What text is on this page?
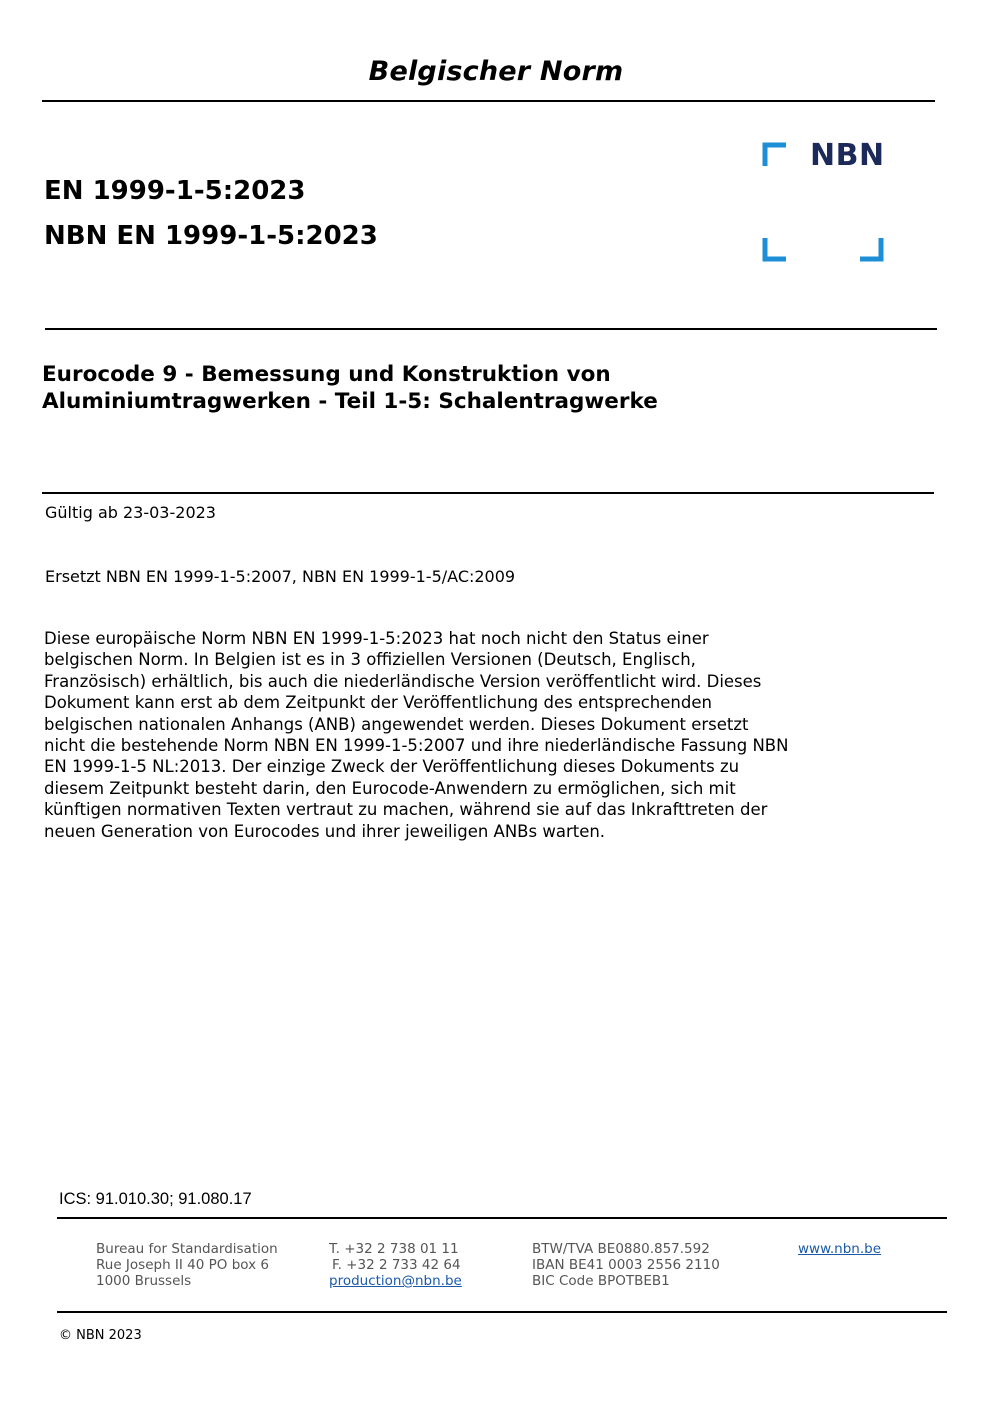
Belgischer Norm
EN 1999-1-5:2023
NBN EN 1999-1-5:2023
NBN
Eurocode 9 - Bemessung und Konstruktion von
Aluminiumtragwerken - Teil 1-5: Schalentragwerke
Gültig ab 23-03-2023
Ersetzt NBN EN 1999-1-5:2007, NBN EN 1999-1-5/AC:2009
Diese europäische Norm NBN EN 1999-1-5:2023 hat noch nicht den Status einer
belgischen Norm. In Belgien ist es in 3 offiziellen Versionen (Deutsch, Englisch,
Französisch) erhältlich, bis auch die niederländische Version veröffentlicht wird. Dieses
Dokument kann erst ab dem Zeitpunkt der Veröffentlichung des entsprechenden
belgischen nationalen Anhangs (ANB) angewendet werden. Dieses Dokument ersetzt
nicht die bestehende Norm NBN EN 1999-1-5:2007 und ihre niederländische Fassung NBN
EN 1999-1-5 NL:2013. Der einzige Zweck der Veröffentlichung dieses Dokuments zu
diesem Zeitpunkt besteht darin, den Eurocode-Anwendern zu ermöglichen, sich mit
künftigen normativen Texten vertraut zu machen, während sie auf das Inkrafttreten der
neuen Generation von Eurocodes und ihrer jeweiligen ANBs warten.
ICS: 91.010.30; 91.080.17
Bureau for Standardisation
Rue Joseph II 40 PO box 6
1000 Brussels
T. +32 2 738 01 11
F. +32 2 733 42 64
production@nbn.be
BTW/TVA BE0880.857.592
IBAN BE41 0003 2556 2110
BIC Code BPOTBEB1
www.nbn.be
© NBN 2023
